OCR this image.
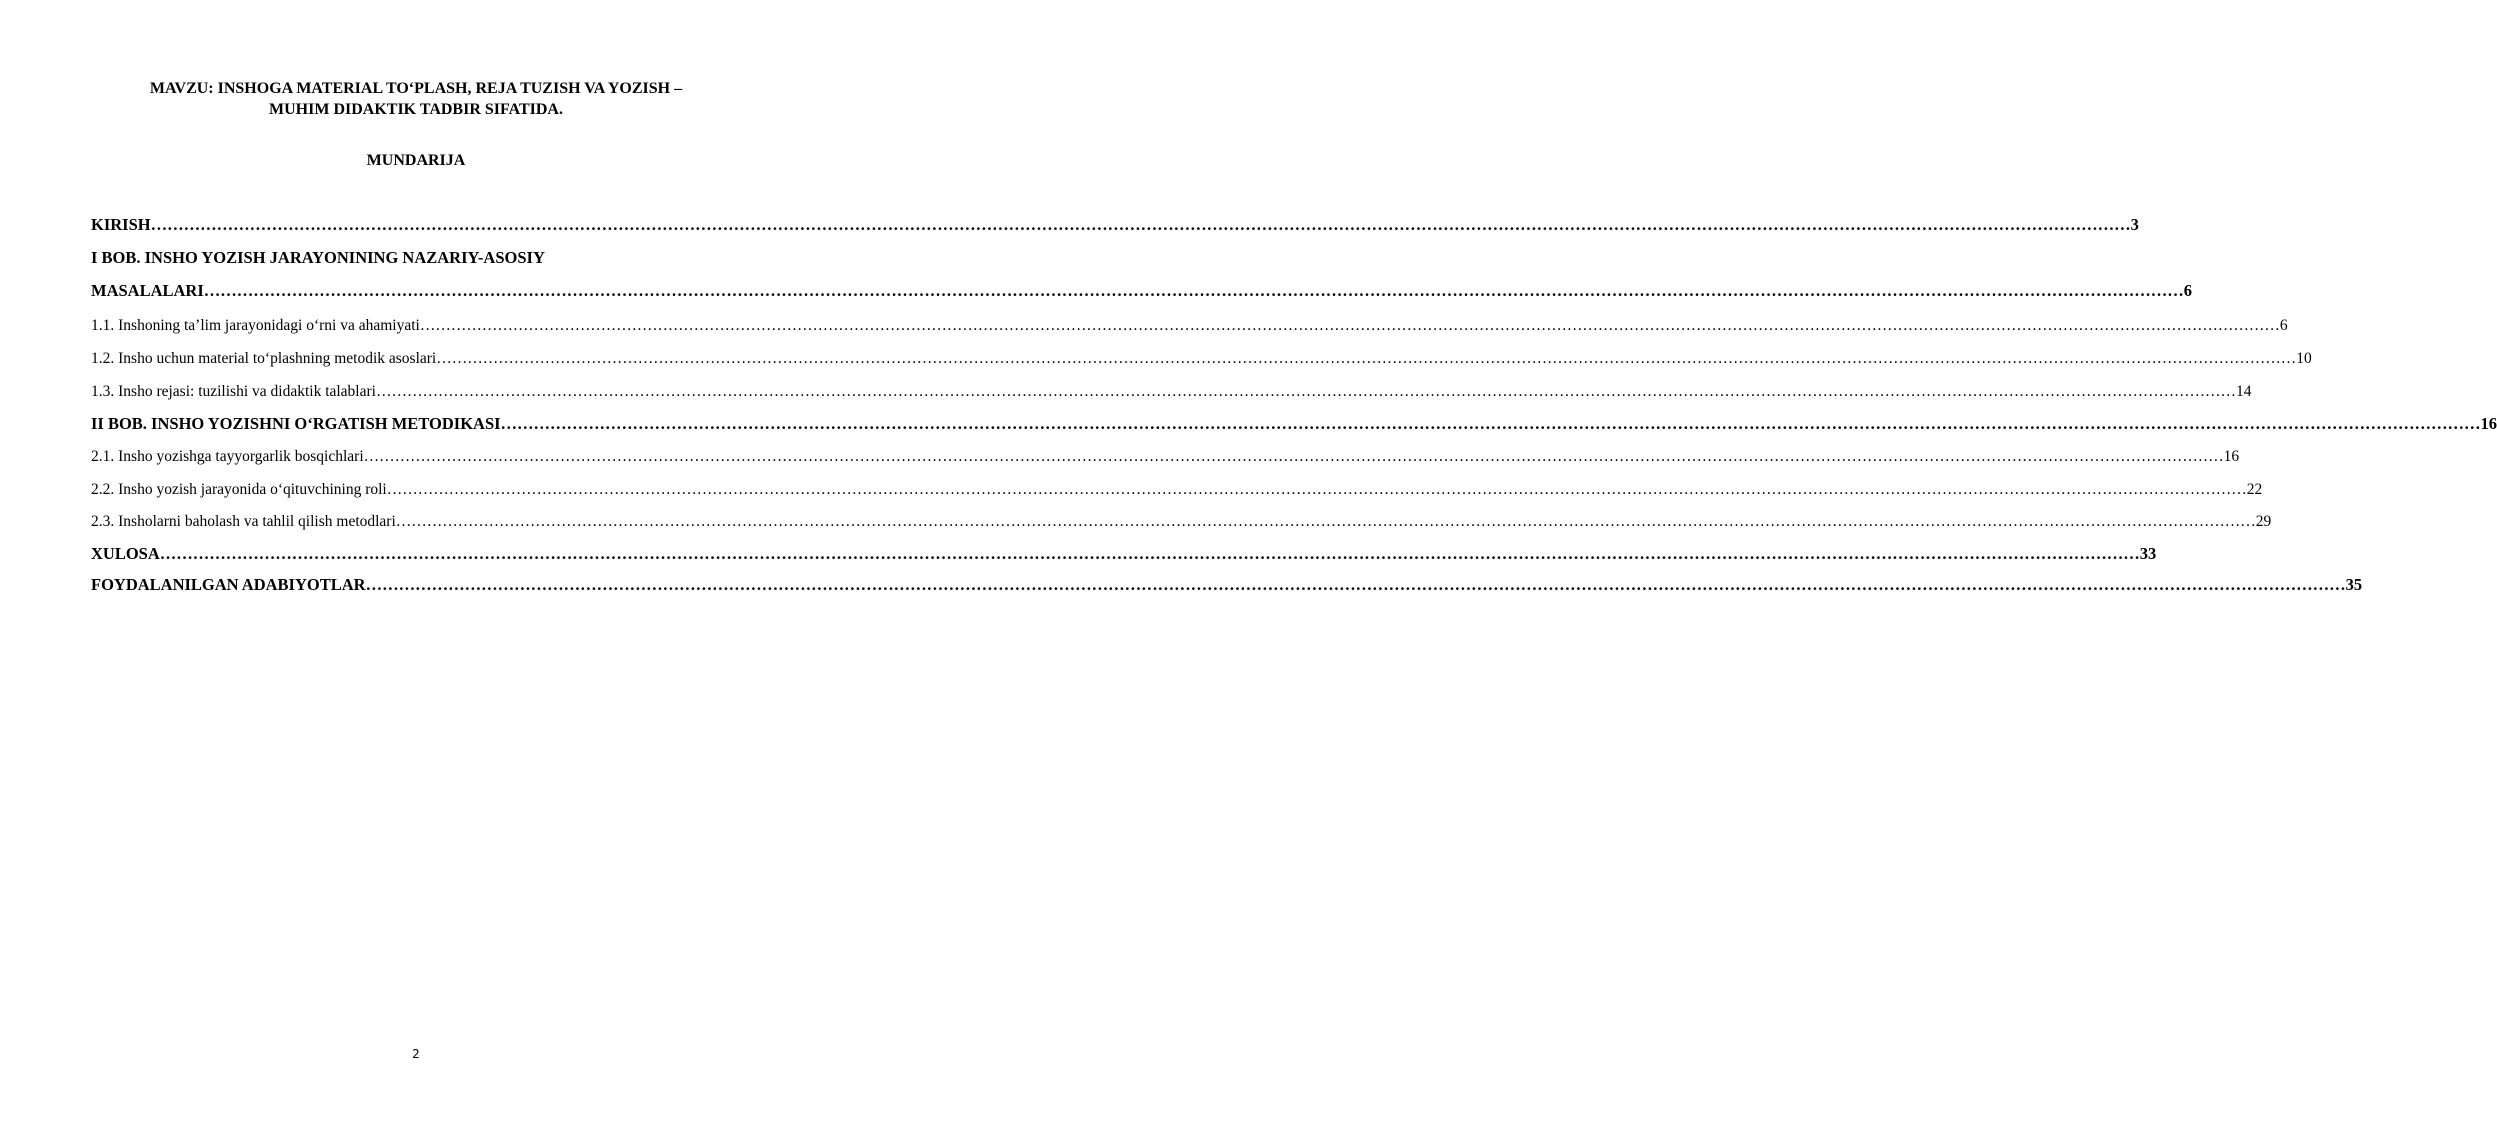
MAVZU: INSHOGA MATERIAL TO‘PLASH, REJA TUZISH VA YOZISH –
MUHIM DIDAKTIK TADBIR SIFATIDA.
MUNDARIJA
KIRISH ……………………………………………………………………………………………………………………………………………………………………………………………………………………………………………………………………………………………………………………………… 3
I BOB. INSHO YOZISH JARAYONINING NAZARIY-ASOSIY
MASALALARI ……………………………………………………………………………………………………………………………………………………………………………………………………………………………………………………………………………………………………………………………… 6
1.1. Inshoning ta’lim jarayonidagi o‘rni va ahamiyati ……………………………………………………………………………………………………………………………………………………………………………………………………………………………………………………………………………………………………………………………… 6
1.2. Insho uchun material to‘plashning metodik asoslari ……………………………………………………………………………………………………………………………………………………………………………………………………………………………………………………………………………………………………………………………… 10
1.3. Insho rejasi: tuzilishi va didaktik talablari ……………………………………………………………………………………………………………………………………………………………………………………………………………………………………………………………………………………………………………………………… 14
II BOB. INSHO YOZISHNI O‘RGATISH METODIKASI ……………………………………………………………………………………………………………………………………………………………………………………………………………………………………………………………………………………………………………………………… 16
2.1. Insho yozishga tayyorgarlik bosqichlari ……………………………………………………………………………………………………………………………………………………………………………………………………………………………………………………………………………………………………………………………… 16
2.2. Insho yozish jarayonida o‘qituvchining roli ……………………………………………………………………………………………………………………………………………………………………………………………………………………………………………………………………………………………………………………………… 22
2.3. Insholarni baholash va tahlil qilish metodlari ……………………………………………………………………………………………………………………………………………………………………………………………………………………………………………………………………………………………………………………………… 29
XULOSA ……………………………………………………………………………………………………………………………………………………………………………………………………………………………………………………………………………………………………………………………… 33
FOYDALANILGAN ADABIYOTLAR ……………………………………………………………………………………………………………………………………………………………………………………………………………………………………………………………………………………………………………………………… 35
2
